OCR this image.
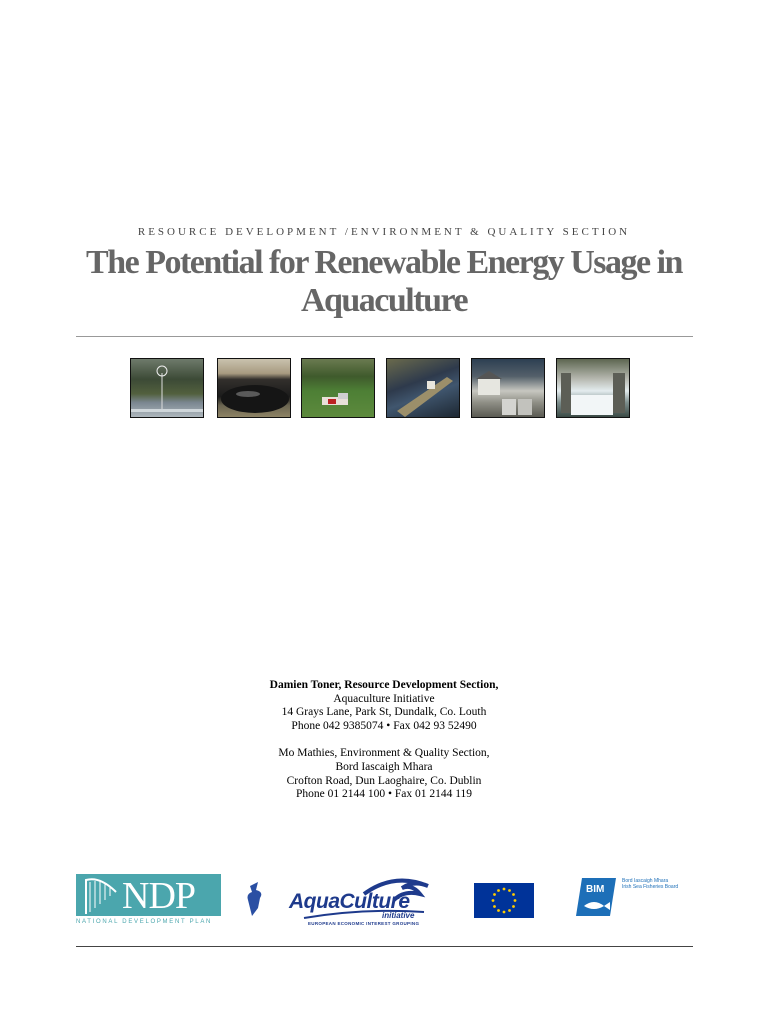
RESOURCE DEVELOPMENT /ENVIRONMENT & QUALITY SECTION
The Potential for Renewable Energy Usage in
Aquaculture
Damien Toner, Resource Development Section,
Aquaculture Initiative
14 Grays Lane, Park St, Dundalk, Co. Louth
Phone 042 9385074 • Fax 042 93 52490
Mo Mathies, Environment & Quality Section,
Bord Iascaigh Mhara
Crofton Road, Dun Laoghaire, Co. Dublin
Phone 01 2144 100 • Fax 01 2144 119
NDP
NATIONAL DEVELOPMENT PLAN
AquaCulture
initiative
EUROPEAN ECONOMIC INTEREST GROUPING
BIM
Bord Iascaigh Mhara
Irish Sea Fisheries Board
